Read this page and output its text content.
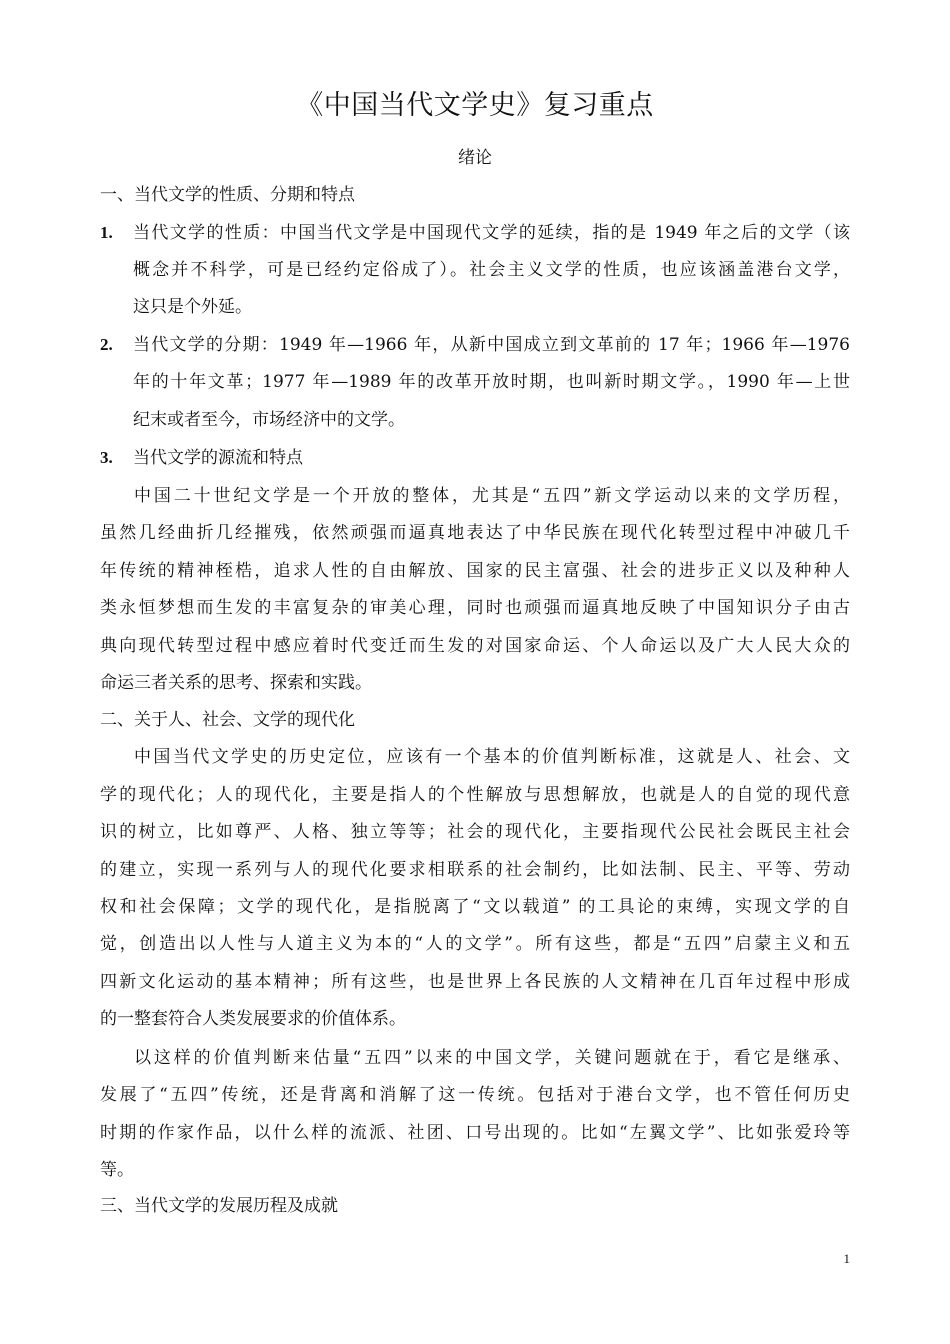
《中国当代文学史》复习重点
绪论
一、当代文学的性质、分期和特点
1. 当代文学的性质：中国当代文学是中国现代文学的延续，指的是 1949 年之后的文学（该
概念并不科学，可是已经约定俗成了）。社会主义文学的性质，也应该涵盖港台文学，
这只是个外延。
2. 当代文学的分期：1949 年—1966 年，从新中国成立到文革前的 17 年；1966 年—1976
年的十年文革；1977 年—1989 年的改革开放时期，也叫新时期文学。，1990 年—上世
纪末或者至今，市场经济中的文学。
3. 当代文学的源流和特点
中国二十世纪文学是一个开放的整体，尤其是“五四”新文学运动以来的文学历程，
虽然几经曲折几经摧残，依然顽强而逼真地表达了中华民族在现代化转型过程中冲破几千
年传统的精神桎梏，追求人性的自由解放、国家的民主富强、社会的进步正义以及种种人
类永恒梦想而生发的丰富复杂的审美心理，同时也顽强而逼真地反映了中国知识分子由古
典向现代转型过程中感应着时代变迁而生发的对国家命运、个人命运以及广大人民大众的
命运三者关系的思考、探索和实践。
二、关于人、社会、文学的现代化
中国当代文学史的历史定位，应该有一个基本的价值判断标准，这就是人、社会、文
学的现代化；人的现代化，主要是指人的个性解放与思想解放，也就是人的自觉的现代意
识的树立，比如尊严、人格、独立等等；社会的现代化，主要指现代公民社会既民主社会
的建立，实现一系列与人的现代化要求相联系的社会制约，比如法制、民主、平等、劳动
权和社会保障；文学的现代化，是指脱离了“文以载道” 的工具论的束缚，实现文学的自
觉，创造出以人性与人道主义为本的“人的文学”。所有这些，都是“五四”启蒙主义和五
四新文化运动的基本精神；所有这些，也是世界上各民族的人文精神在几百年过程中形成
的一整套符合人类发展要求的价值体系。
以这样的价值判断来估量“五四”以来的中国文学，关键问题就在于，看它是继承、
发展了“五四”传统，还是背离和消解了这一传统。包括对于港台文学，也不管任何历史
时期的作家作品，以什么样的流派、社团、口号出现的。比如“左翼文学”、比如张爱玲等
等。
三、当代文学的发展历程及成就
1
